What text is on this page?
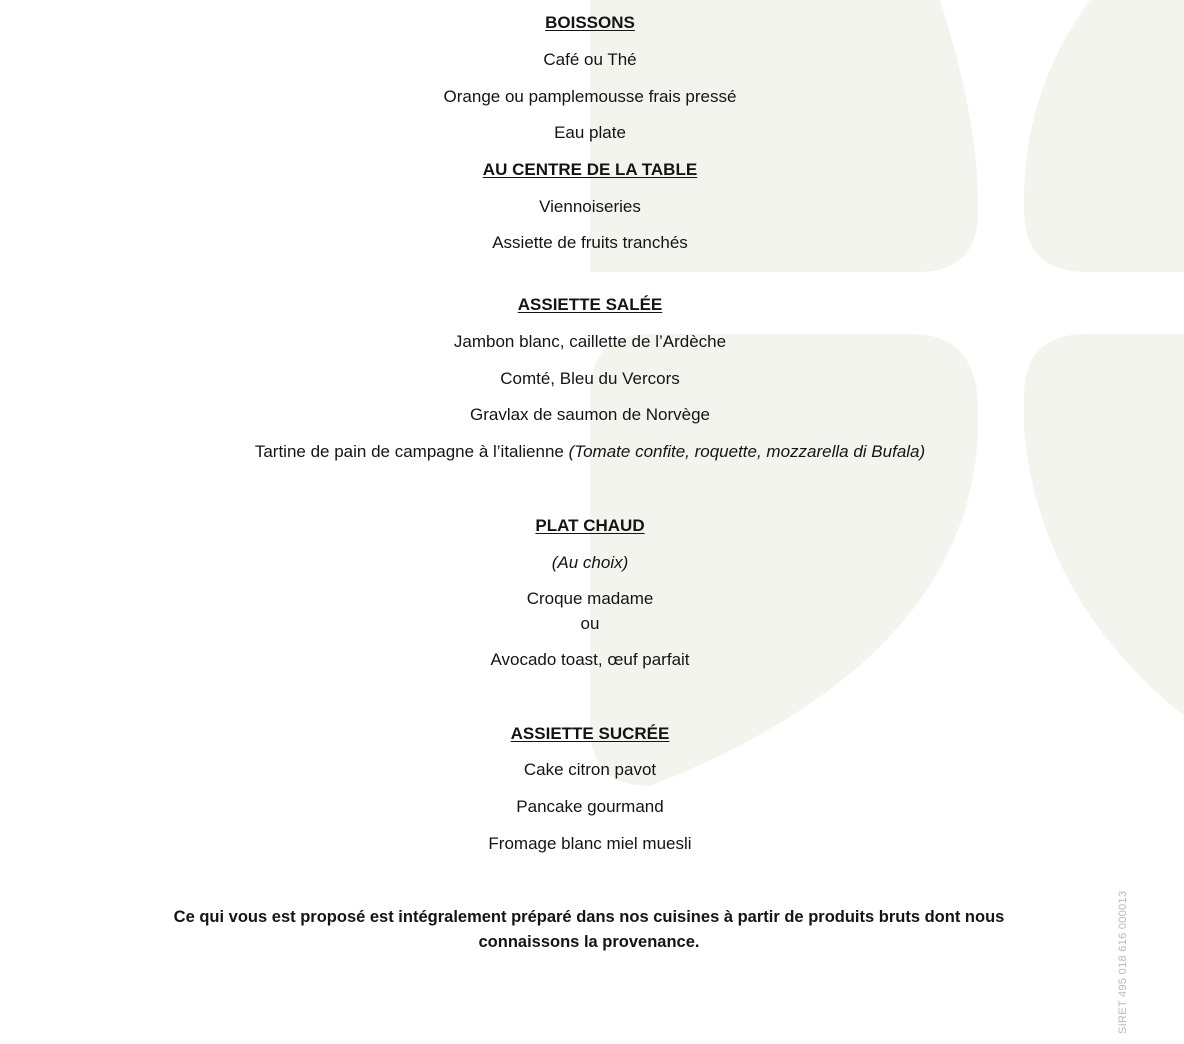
BOISSONS
Café ou Thé
Orange ou pamplemousse frais pressé
Eau plate
AU CENTRE DE LA TABLE
Viennoiseries
Assiette de fruits tranchés
ASSIETTE SALÉE
Jambon blanc, caillette de l’Ardèche
Comté, Bleu du Vercors
Gravlax de saumon de Norvège
Tartine de pain de campagne à l’italienne (Tomate confite, roquette, mozzarella di Bufala)
PLAT CHAUD
(Au choix)
Croque madame
ou
Avocado toast, œuf parfait
ASSIETTE SUCRÉE
Cake citron pavot
Pancake gourmand
Fromage blanc miel muesli
Ce qui vous est proposé est intégralement préparé dans nos cuisines à partir de produits bruts dont nous
connaissons la provenance.	SIRET 495 018 616 000013
